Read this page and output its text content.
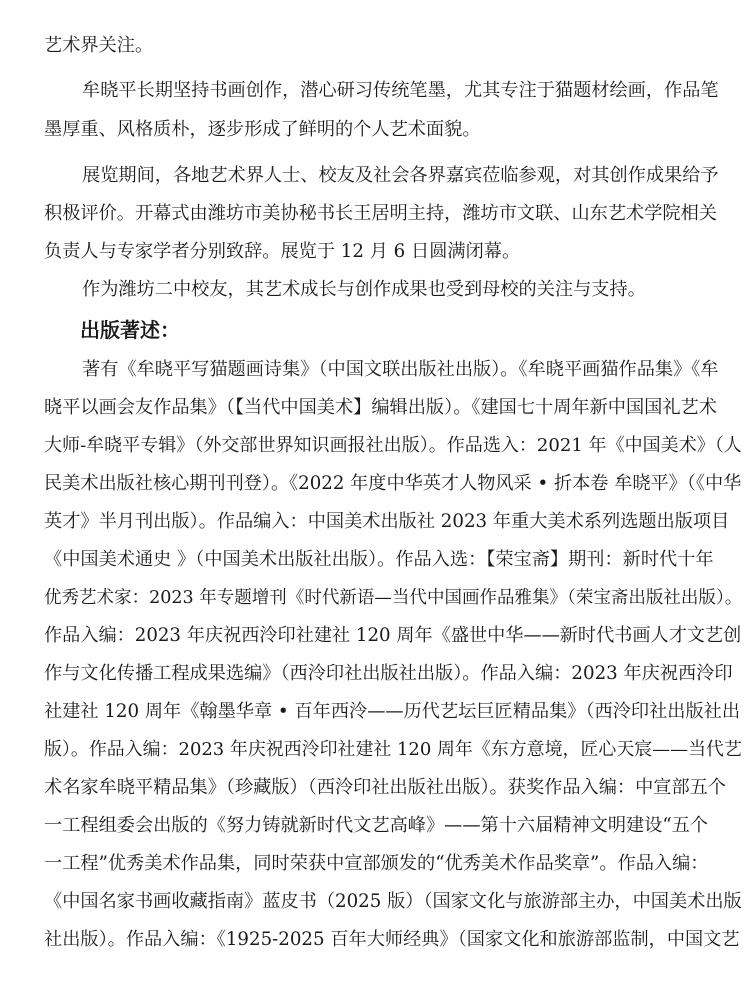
艺术界关注。
牟晓平长期坚持书画创作，潜心研习传统笔墨，尤其专注于猫题材绘画，作品笔
墨厚重、风格质朴，逐步形成了鲜明的个人艺术面貌。
展览期间，各地艺术界人士、校友及社会各界嘉宾莅临参观，对其创作成果给予
积极评价。开幕式由潍坊市美协秘书长王居明主持，潍坊市文联、山东艺术学院相关
负责人与专家学者分别致辞。展览于 12 月 6 日圆满闭幕。
作为潍坊二中校友，其艺术成长与创作成果也受到母校的关注与支持。
出版著述：
著有《牟晓平写猫题画诗集》（中国文联出版社出版）。《牟晓平画猫作品集》《牟
晓平以画会友作品集》（【当代中国美术】编辑出版）。《建国七十周年新中国国礼艺术
大师-牟晓平专辑》（外交部世界知识画报社出版）。作品选入：2021 年《中国美术》（人
民美术出版社核心期刊刊登）。《2022 年度中华英才人物风采 • 折本卷 牟晓平》（《中华
英才》半月刊出版）。作品编入：中国美术出版社 2023 年重大美术系列选题出版项目
《中国美术通史 》（中国美术出版社出版）。作品入选：【荣宝斋】期刊：新时代十年
优秀艺术家：2023 年专题增刊《时代新语—当代中国画作品雅集》（荣宝斋出版社出版）。
作品入编：2023 年庆祝西泠印社建社 120 周年《盛世中华——新时代书画人才文艺创
作与文化传播工程成果选编》（西泠印社出版社出版）。作品入编：2023 年庆祝西泠印
社建社 120 周年《翰墨华章 • 百年西泠——历代艺坛巨匠精品集》（西泠印社出版社出
版）。作品入编：2023 年庆祝西泠印社建社 120 周年《东方意境，匠心天宸——当代艺
术名家牟晓平精品集》（珍藏版）（西泠印社出版社出版）。获奖作品入编：中宣部五个
一工程组委会出版的《努力铸就新时代文艺高峰》——第十六届精神文明建设“五个
一工程”优秀美术作品集，同时荣获中宣部颁发的“优秀美术作品奖章”。作品入编：
《中国名家书画收藏指南》蓝皮书（2025 版）（国家文化与旅游部主办，中国美术出版
社出版）。作品入编：《1925-2025 百年大师经典》（国家文化和旅游部监制，中国文艺
